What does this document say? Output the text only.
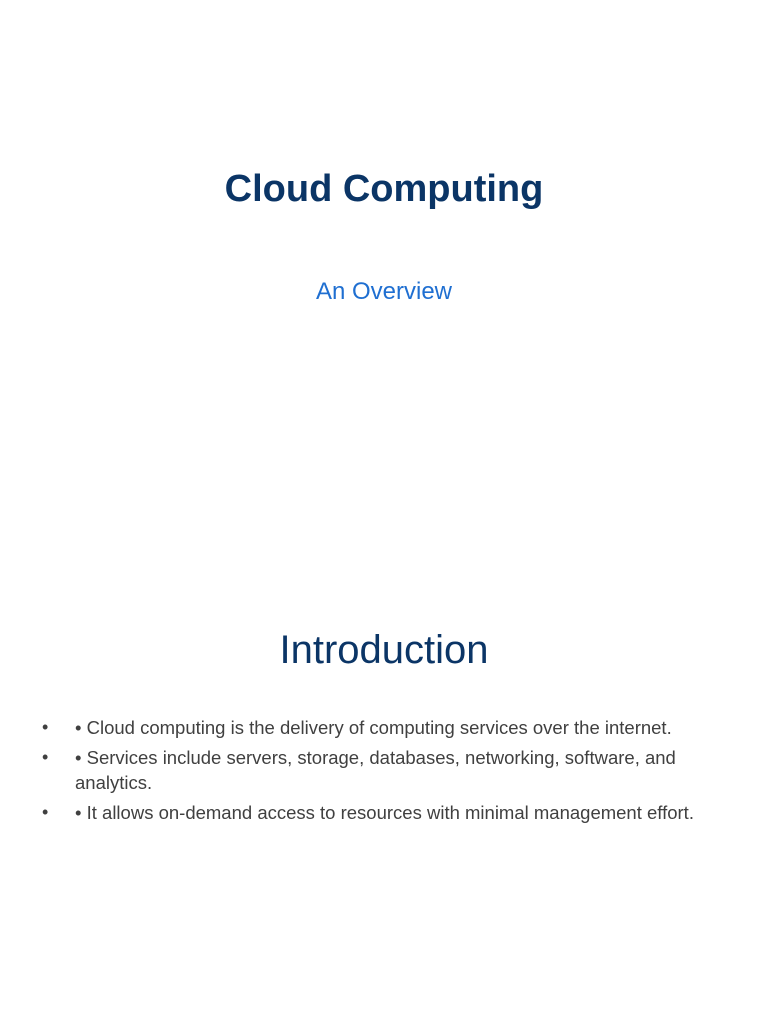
Cloud Computing

An Overview

Introduction
• • Cloud computing is the delivery of computing services over the internet.
• • Services include servers, storage, databases, networking, software, and analytics.
• • It allows on-demand access to resources with minimal management effort.
